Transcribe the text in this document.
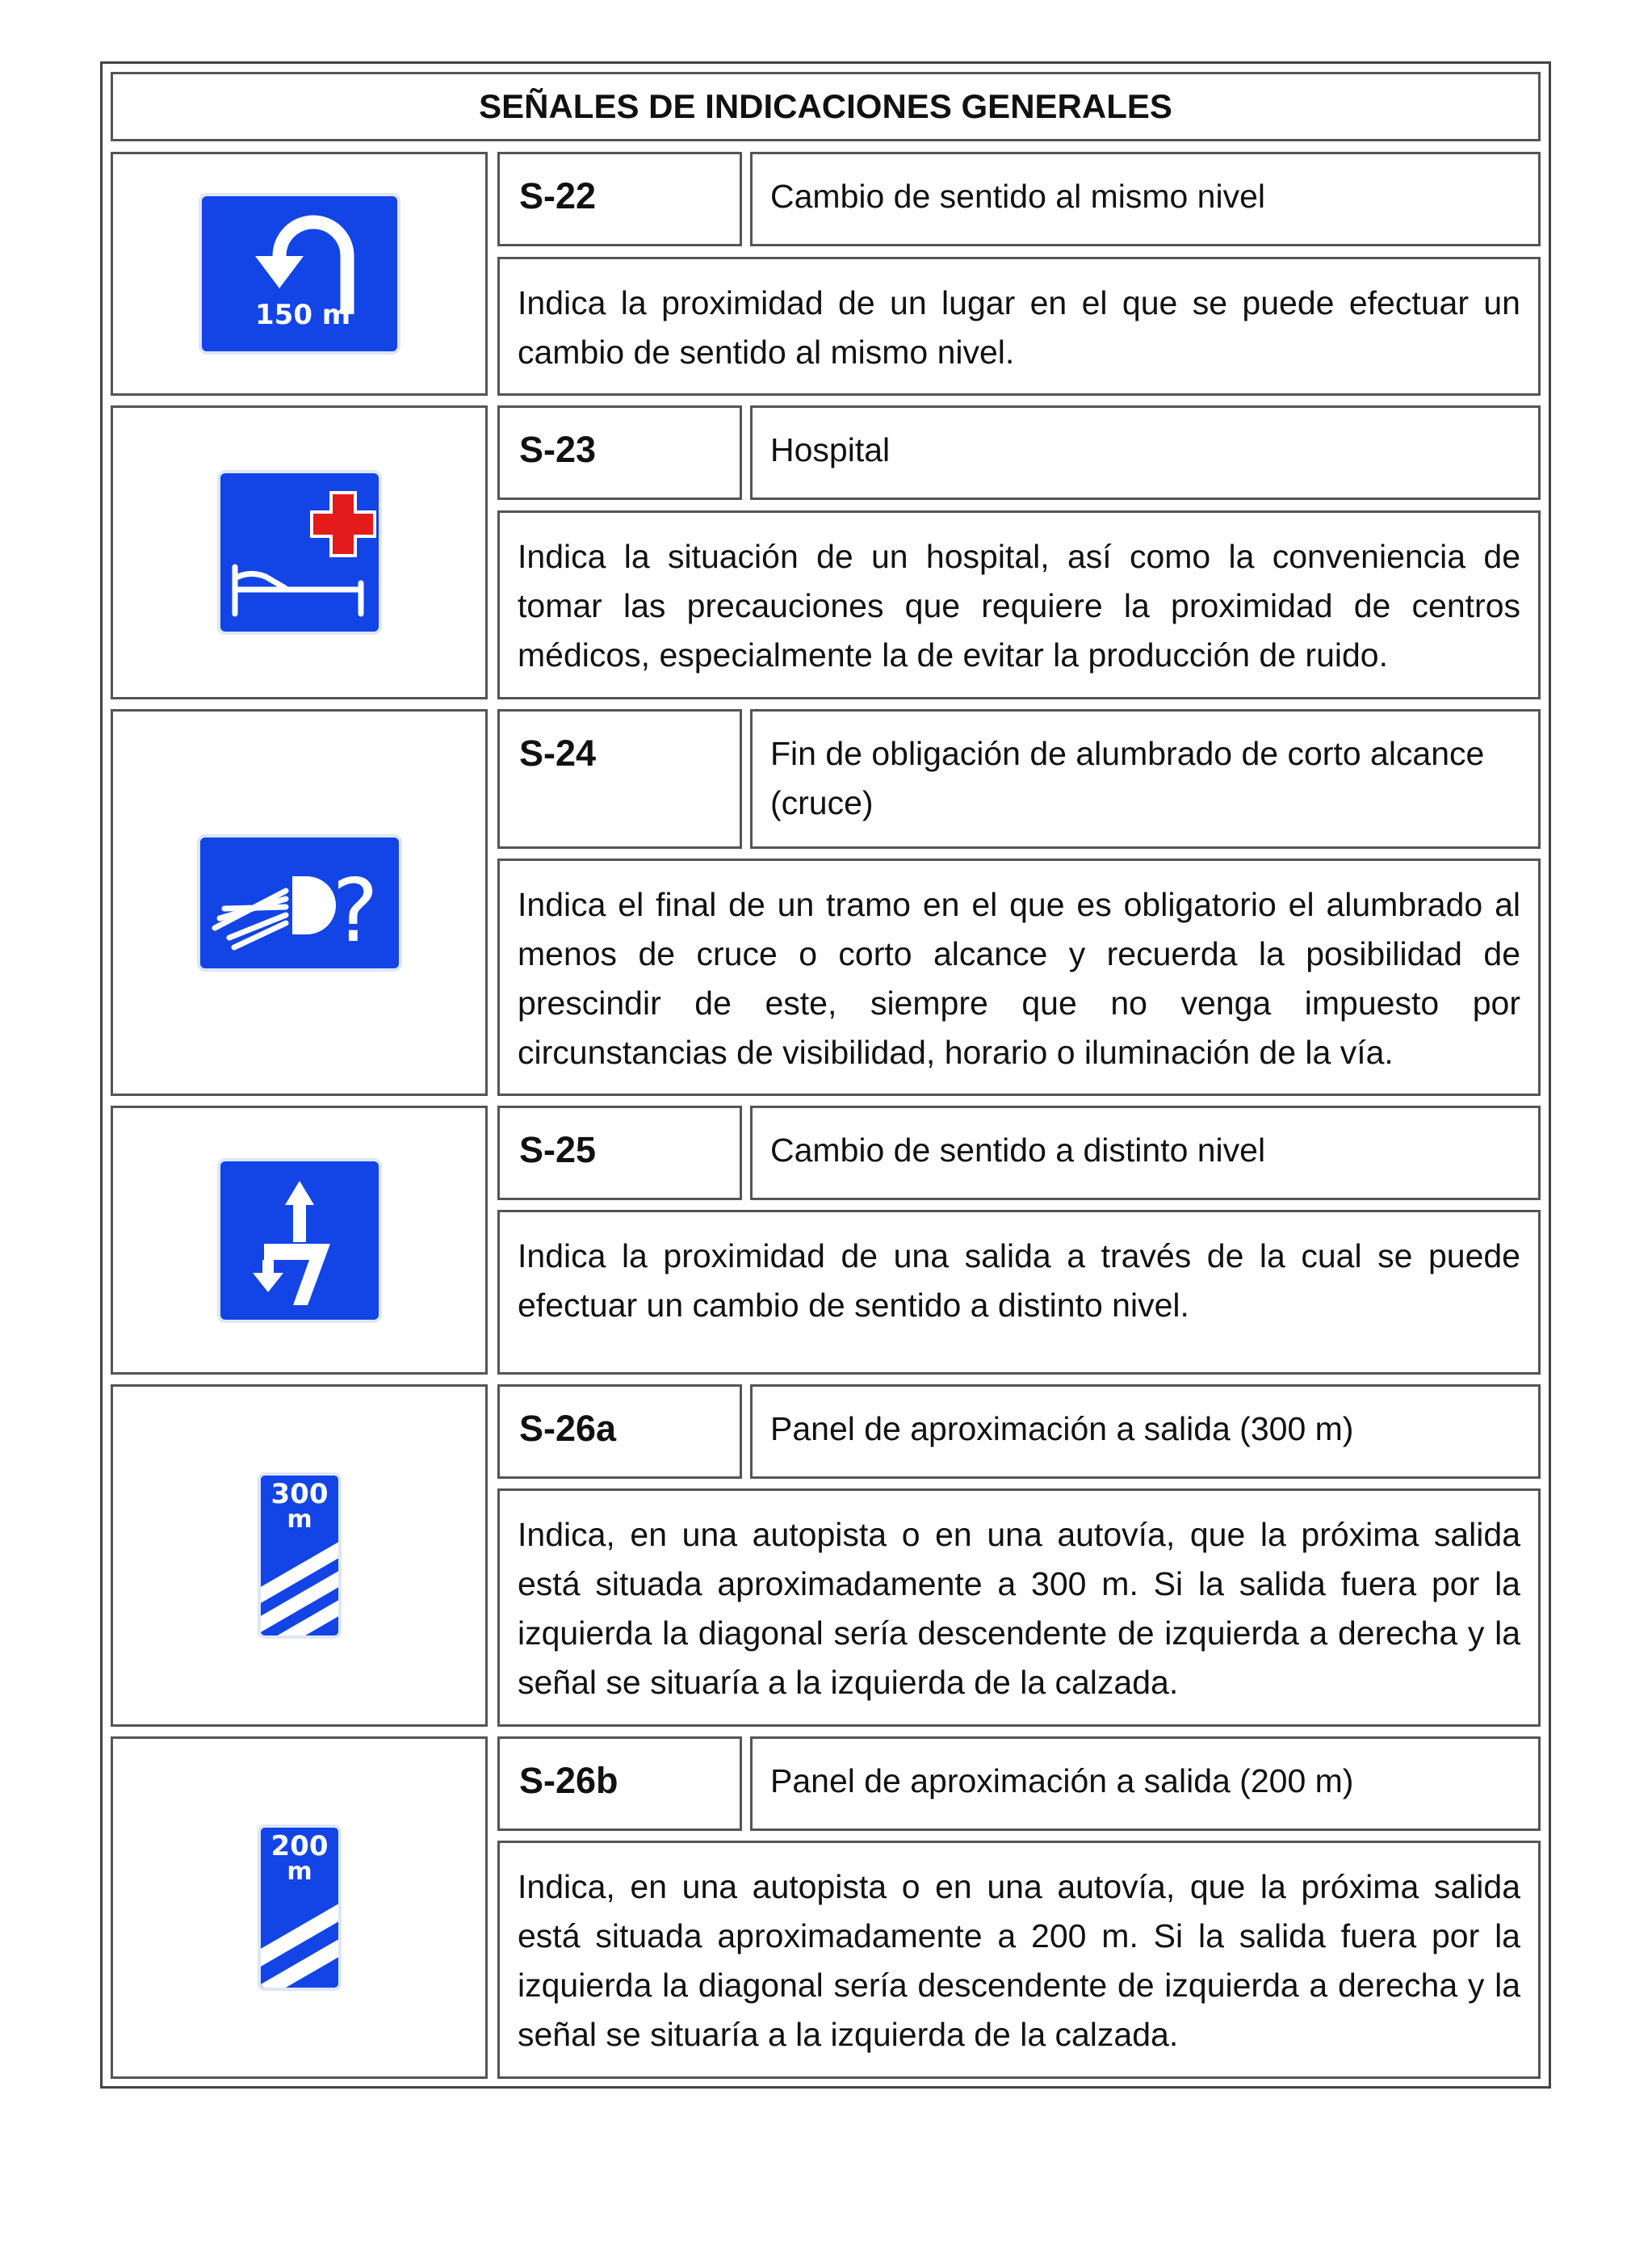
SEÑALES DE INDICACIONES GENERALES
150 m
S-22	Cambio de sentido al mismo nivel
Indica la proximidad de un lugar en el que se puede efectuar un cambio de sentido al mismo nivel.
S-23	Hospital
Indica la situación de un hospital, así como la conveniencia de tomar las precauciones que requiere la proximidad de centros médicos, especialmente la de evitar la producción de ruido.
?
S-24	Fin de obligación de alumbrado de corto alcance (cruce)
Indica el final de un tramo en el que es obligatorio el alumbrado al menos de cruce o corto alcance y recuerda la posibilidad de prescindir de este, siempre que no venga impuesto por circunstancias de visibilidad, horario o iluminación de la vía.
S-25	Cambio de sentido a distinto nivel
Indica la proximidad de una salida a través de la cual se puede efectuar un cambio de sentido a distinto nivel.
300
m
S-26a	Panel de aproximación a salida (300 m)
Indica, en una autopista o en una autovía, que la próxima salida está situada aproximadamente a 300 m. Si la salida fuera por la izquierda la diagonal sería descendente de izquierda a derecha y la señal se situaría a la izquierda de la calzada.
200
m
S-26b	Panel de aproximación a salida (200 m)
Indica, en una autopista o en una autovía, que la próxima salida está situada aproximadamente a 200 m. Si la salida fuera por la izquierda la diagonal sería descendente de izquierda a derecha y la señal se situaría a la izquierda de la calzada.
